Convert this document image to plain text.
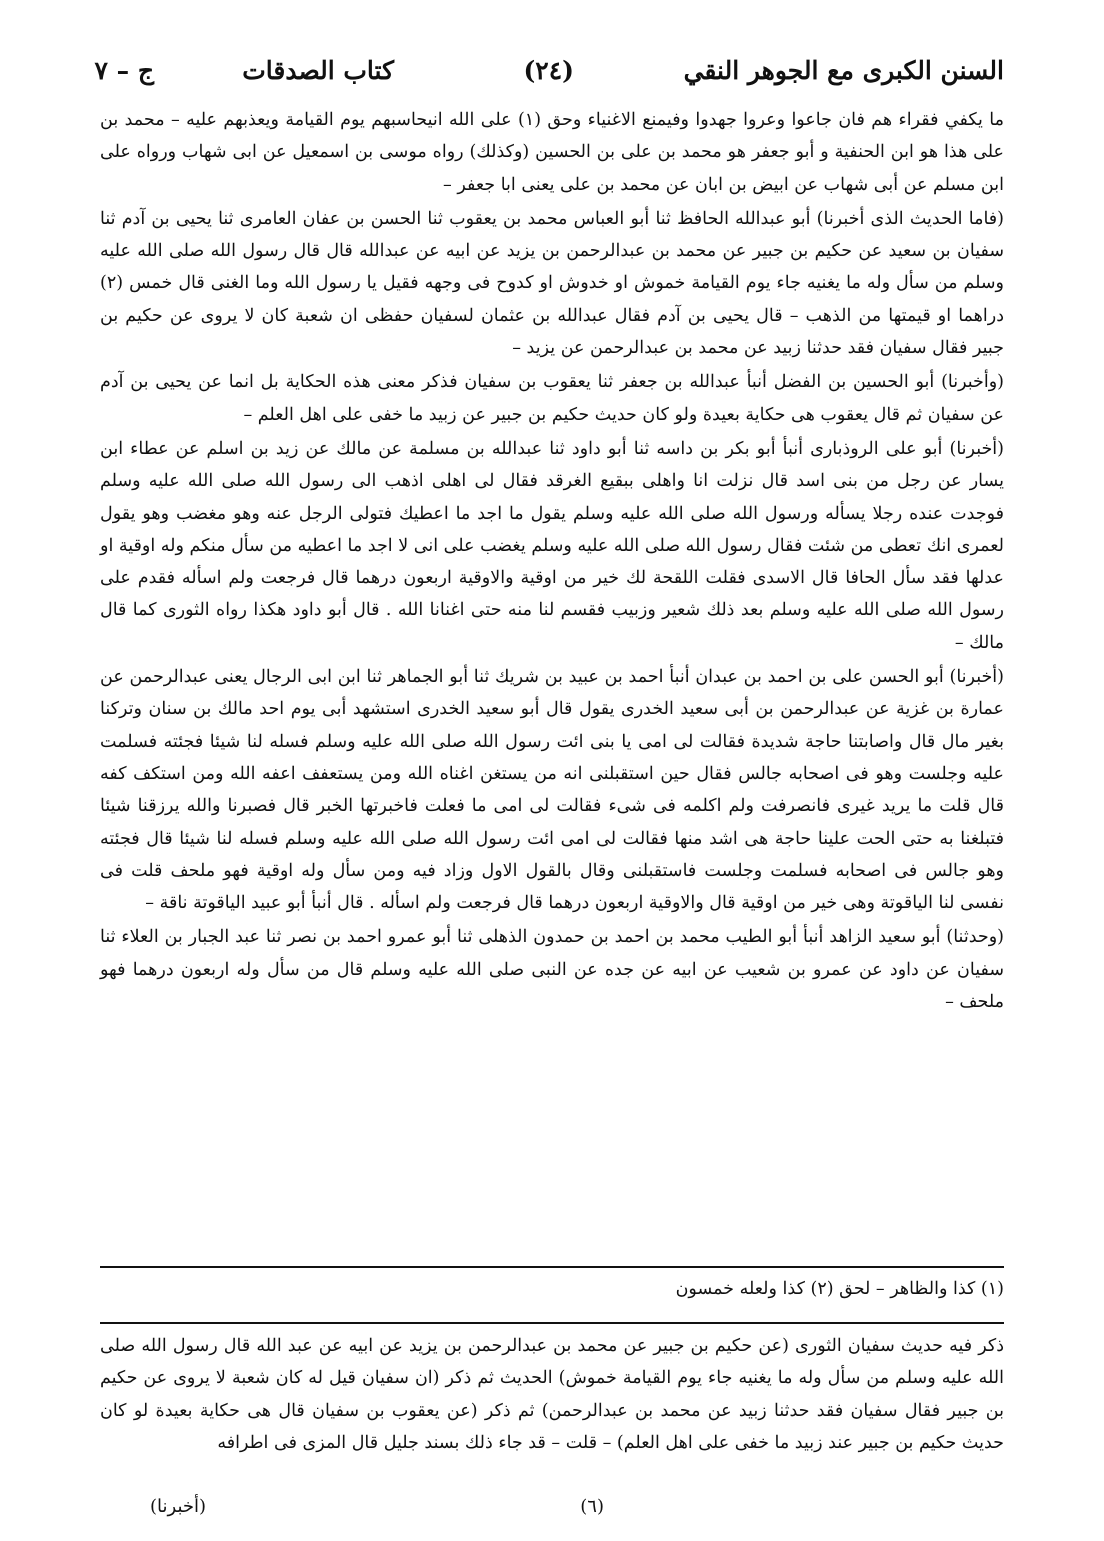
السنن الكبرى مع الجوهر النقي
(٢٤)
كتاب الصدقات
ج – ٧

ما يكفي فقراء هم فان جاعوا وعروا جهدوا وفيمنع الاغنياء وحق (١) على الله انيحاسبهم يوم القيامة ويعذبهم عليه – محمد بن على هذا هو ابن الحنفية و أبو جعفر هو محمد بن على بن الحسين (وكذلك) رواه موسى بن اسمعيل عن ابى شهاب ورواه على ابن مسلم عن أبى شهاب عن ابيض بن ابان عن محمد بن على يعنى ابا جعفر –

(فاما الحديث الذى أخبرنا) أبو عبدالله الحافظ ثنا أبو العباس محمد بن يعقوب ثنا الحسن بن عفان العامرى ثنا يحيى بن آدم ثنا سفيان بن سعيد عن حكيم بن جبير عن محمد بن عبدالرحمن بن يزيد عن ابيه عن عبدالله قال قال رسول الله صلى الله عليه وسلم من سأل وله ما يغنيه جاء يوم القيامة خموش او خدوش او كدوح فى وجهه فقيل يا رسول الله وما الغنى قال خمس (٢) دراهما او قيمتها من الذهب – قال يحيى بن آدم فقال عبدالله بن عثمان لسفيان حفظى ان شعبة كان لا يروى عن حكيم بن جبير فقال سفيان فقد حدثنا زبيد عن محمد بن عبدالرحمن عن يزيد –

(وأخبرنا) أبو الحسين بن الفضل أنبأ عبدالله بن جعفر ثنا يعقوب بن سفيان فذكر معنى هذه الحكاية بل انما عن يحيى بن آدم عن سفيان ثم قال يعقوب هى حكاية بعيدة ولو كان حديث حكيم بن جبير عن زبيد ما خفى على اهل العلم –

(أخبرنا) أبو على الروذبارى أنبأ أبو بكر بن داسه ثنا أبو داود ثنا عبدالله بن مسلمة عن مالك عن زيد بن اسلم عن عطاء ابن يسار عن رجل من بنى اسد قال نزلت انا واهلى ببقيع الغرقد فقال لى اهلى اذهب الى رسول الله صلى الله عليه وسلم فوجدت عنده رجلا يسأله ورسول الله صلى الله عليه وسلم يقول ما اجد ما اعطيك فتولى الرجل عنه وهو مغضب وهو يقول لعمرى انك تعطى من شئت فقال رسول الله صلى الله عليه وسلم يغضب على انى لا اجد ما اعطيه من سأل منكم وله اوقية او عدلها فقد سأل الحافا قال الاسدى فقلت اللقحة لك خير من اوقية والاوقية اربعون درهما قال فرجعت ولم اسأله فقدم على رسول الله صلى الله عليه وسلم بعد ذلك شعير وزبيب فقسم لنا منه حتى اغنانا الله . قال أبو داود هكذا رواه الثورى كما قال مالك –

(أخبرنا) أبو الحسن على بن احمد بن عبدان أنبأ احمد بن عبيد بن شريك ثنا أبو الجماهر ثنا ابن ابى الرجال يعنى عبدالرحمن عن عمارة بن غزية عن عبدالرحمن بن أبى سعيد الخدرى يقول قال أبو سعيد الخدرى استشهد أبى يوم احد مالك بن سنان وتركنا بغير مال قال واصابتنا حاجة شديدة فقالت لى امى يا بنى ائت رسول الله صلى الله عليه وسلم فسله لنا شيئا فجئته فسلمت عليه وجلست وهو فى اصحابه جالس فقال حين استقبلنى انه من يستغن اغناه الله ومن يستعفف اعفه الله ومن استكف كفه قال قلت ما يريد غيرى فانصرفت ولم اكلمه فى شىء فقالت لى امى ما فعلت فاخبرتها الخبر قال فصبرنا والله يرزقنا شيئا فتبلغنا به حتى الحت علينا حاجة هى اشد منها فقالت لى امى ائت رسول الله صلى الله عليه وسلم فسله لنا شيئا قال فجئته وهو جالس فى اصحابه فسلمت وجلست فاستقبلنى وقال بالقول الاول وزاد فيه ومن سأل وله اوقية فهو ملحف قلت فى نفسى لنا الياقوتة وهى خير من اوقية قال والاوقية اربعون درهما قال فرجعت ولم اسأله . قال أنبأ أبو عبيد الياقوتة ناقة –

(وحدثنا) أبو سعيد الزاهد أنبأ أبو الطيب محمد بن احمد بن حمدون الذهلى ثنا أبو عمرو احمد بن نصر ثنا عبد الجبار بن العلاء ثنا سفيان عن داود عن عمرو بن شعيب عن ابيه عن جده عن النبى صلى الله عليه وسلم قال من سأل وله اربعون درهما فهو ملحف –

(١) كذا والظاهر – لحق (٢) كذا ولعله خمسون

ذكر فيه حديث سفيان الثورى (عن حكيم بن جبير عن محمد بن عبدالرحمن بن يزيد عن ابيه عن عبد الله قال رسول الله صلى الله عليه وسلم من سأل وله ما يغنيه جاء يوم القيامة خموش) الحديث ثم ذكر (ان سفيان قيل له كان شعبة لا يروى عن حكيم بن جبير فقال سفيان فقد حدثنا زبيد عن محمد بن عبدالرحمن) ثم ذكر (عن يعقوب بن سفيان قال هى حكاية بعيدة لو كان حديث حكيم بن جبير عند زبيد ما خفى على اهل العلم) – قلت – قد جاء ذلك بسند جليل قال المزى فى اطرافه

(٦)
(أخبرنا)
